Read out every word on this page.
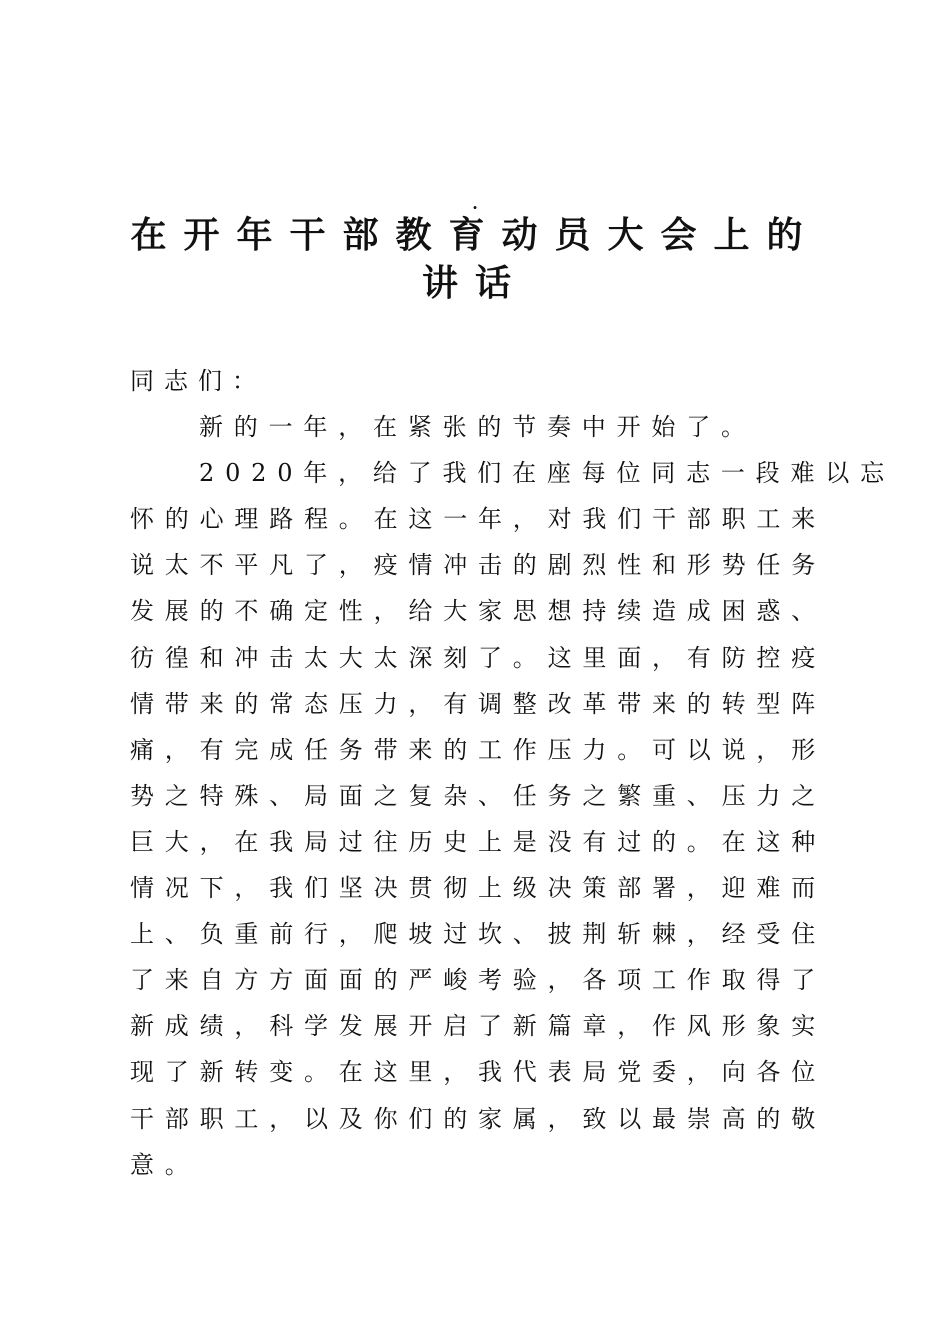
.
在开年干部教育动员大会上的
讲话

同志们：

新的一年，在紧张的节奏中开始了。

2020年，给了我们在座每位同志一段难以忘
怀的心理路程。在这一年，对我们干部职工来
说太不平凡了，疫情冲击的剧烈性和形势任务
发展的不确定性，给大家思想持续造成困惑、
彷徨和冲击太大太深刻了。这里面，有防控疫
情带来的常态压力，有调整改革带来的转型阵
痛，有完成任务带来的工作压力。可以说，形
势之特殊、局面之复杂、任务之繁重、压力之
巨大，在我局过往历史上是没有过的。在这种
情况下，我们坚决贯彻上级决策部署，迎难而
上、负重前行，爬坡过坎、披荆斩棘，经受住
了来自方方面面的严峻考验，各项工作取得了
新成绩，科学发展开启了新篇章，作风形象实
现了新转变。在这里，我代表局党委，向各位
干部职工，以及你们的家属，致以最崇高的敬
意。
